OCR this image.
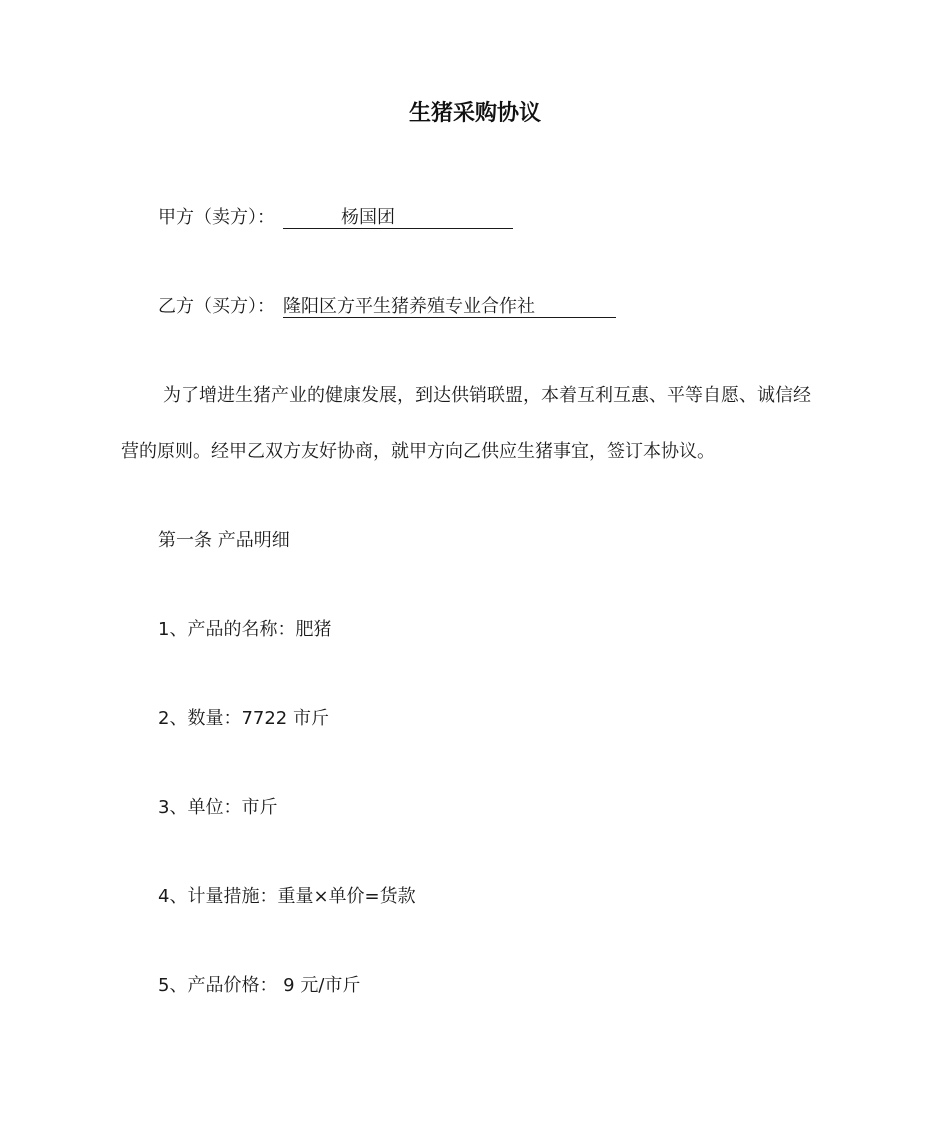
生猪采购协议
甲方（卖方）：	杨国团
乙方（买方）： 隆阳区方平生猪养殖专业合作社
为了增进生猪产业的健康发展，到达供销联盟，本着互利互惠、平等自愿、诚信经
营的原则。经甲乙双方友好协商，就甲方向乙供应生猪事宜，签订本协议。
第一条 产品明细
1、产品的名称：肥猪
2、数量：7722 市斤
3、单位：市斤
4、计量措施：重量×单价=货款
5、产品价格： 9 元/市斤
